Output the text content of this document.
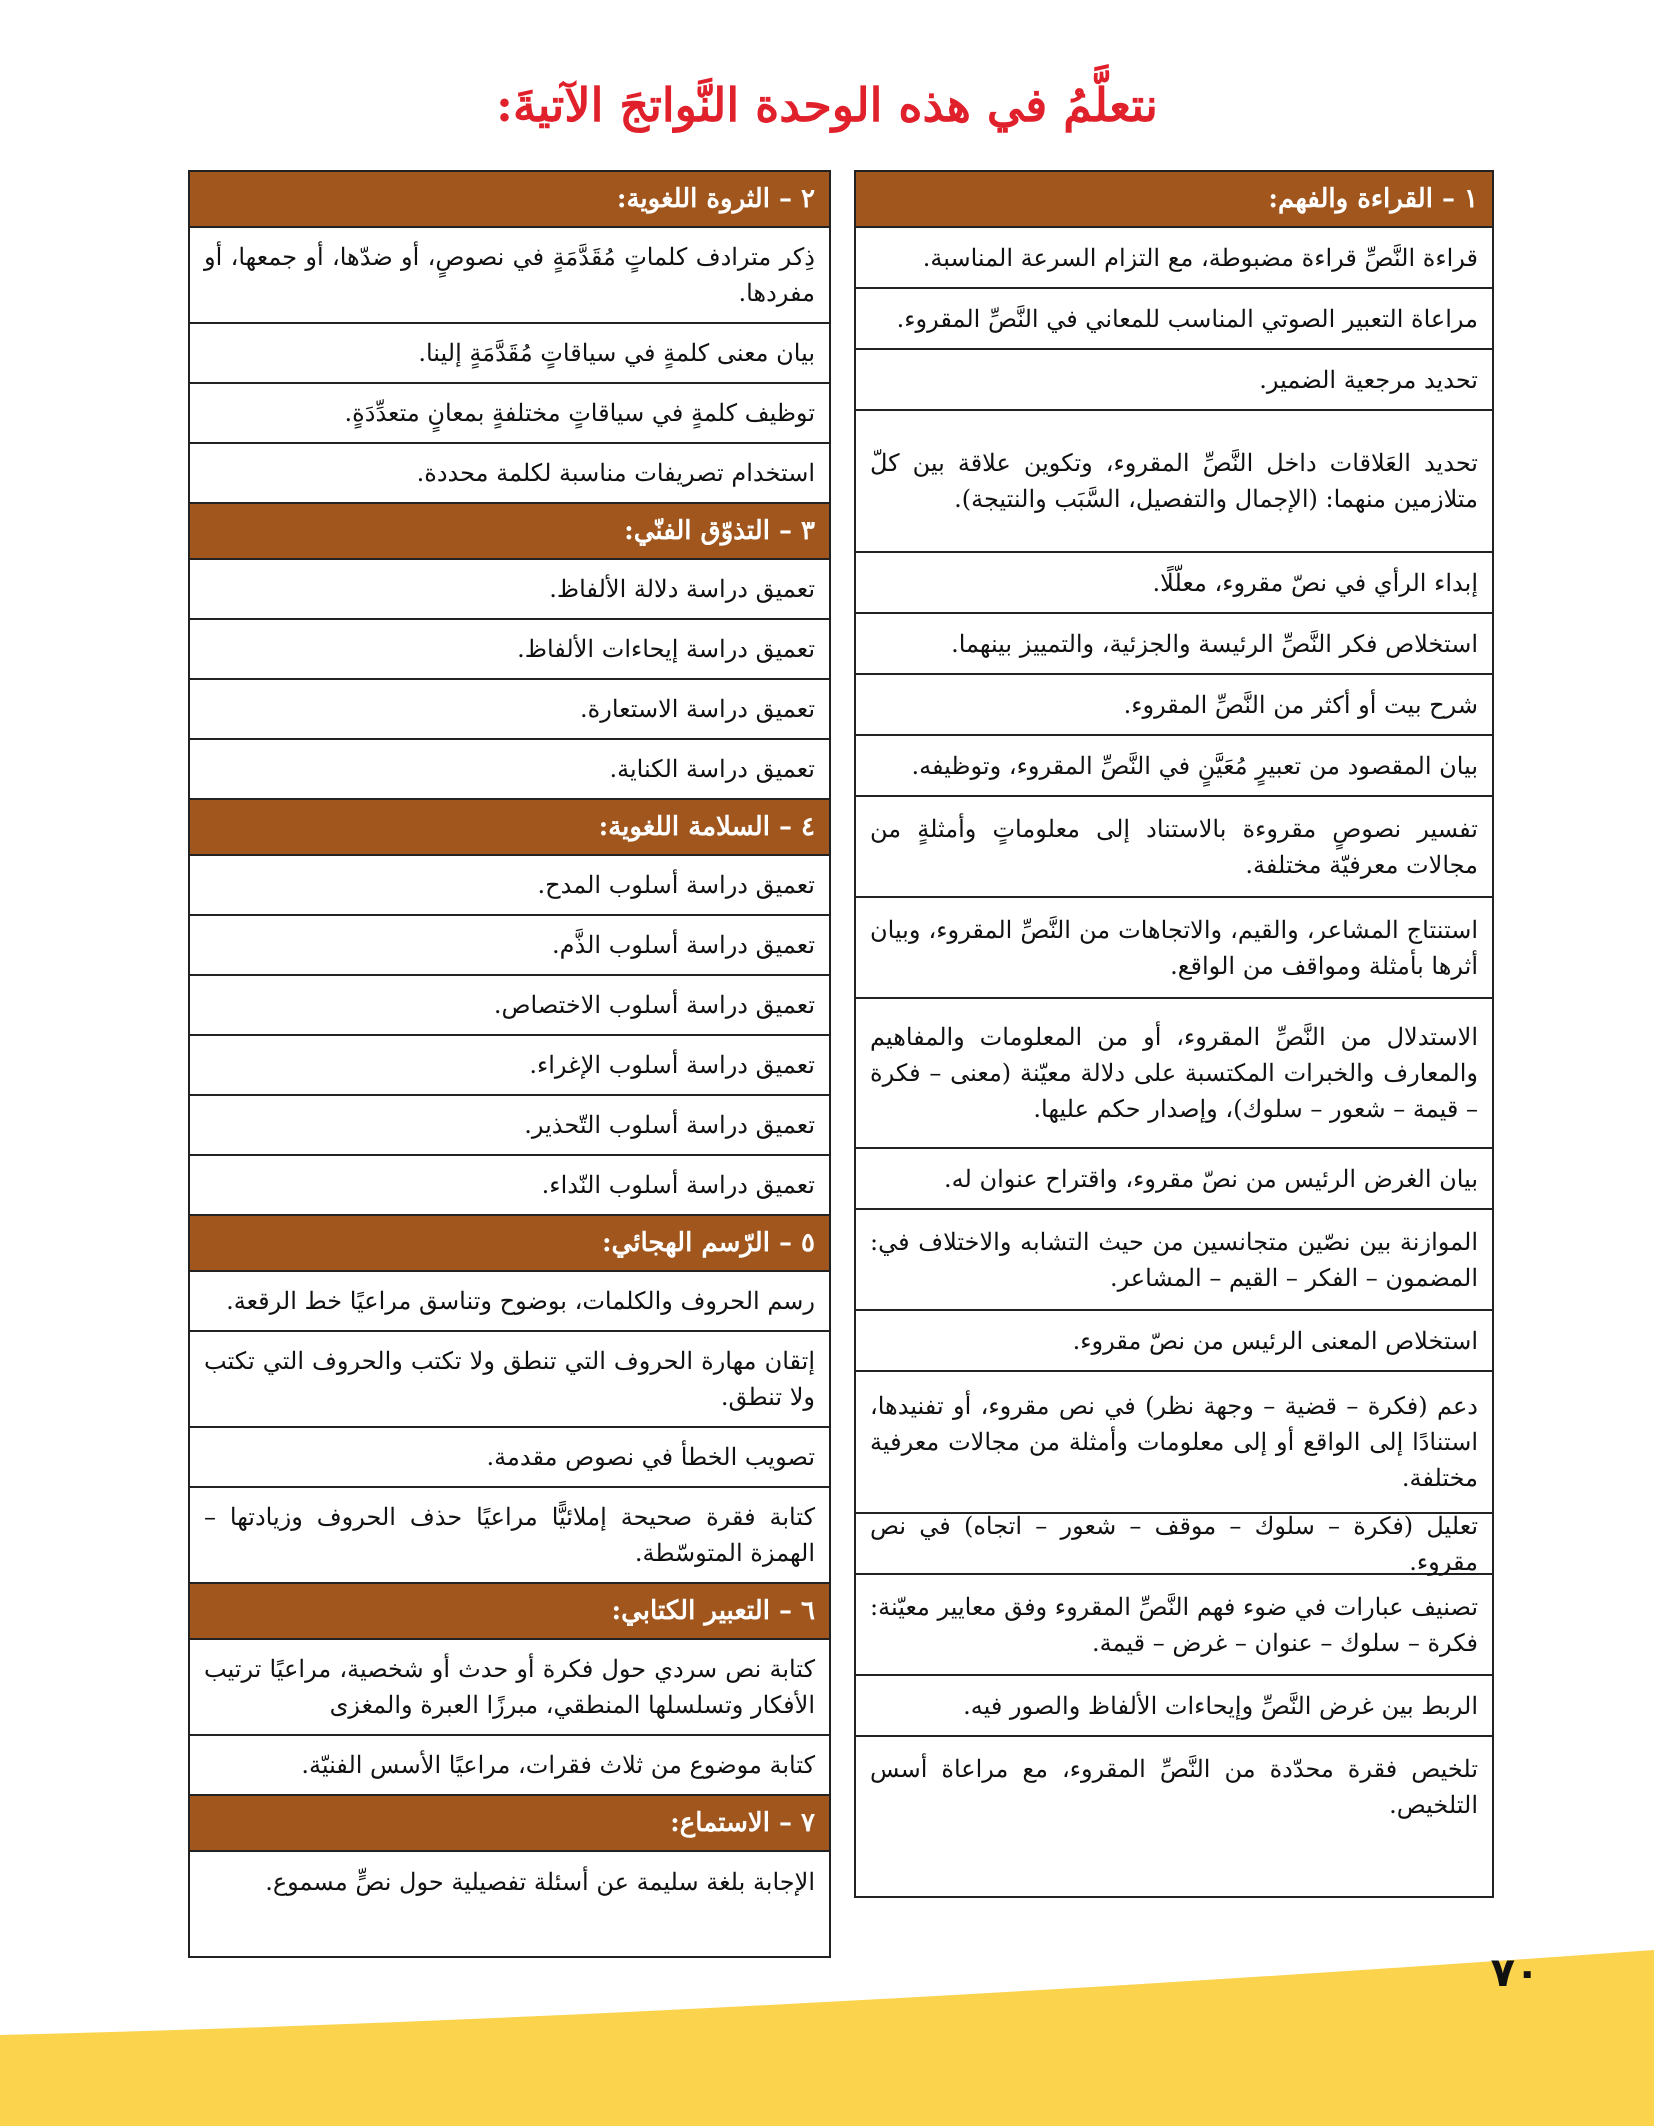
نتعلَّمُ في هذه الوحدة النَّواتجَ الآتيةَ:
١ – القراءة والفهم:
قراءة النَّصِّ قراءة مضبوطة، مع التزام السرعة المناسبة.
مراعاة التعبير الصوتي المناسب للمعاني في النَّصِّ المقروء.
تحديد مرجعية الضمير.
تحديد العَلاقات داخل النَّصِّ المقروء، وتكوين علاقة بين كلّ متلازمين منهما: (الإجمال والتفصيل، السَّبَب والنتيجة).
إبداء الرأي في نصّ مقروء، معلّلًا.
استخلاص فكر النَّصِّ الرئيسة والجزئية، والتمييز بينهما.
شرح بيت أو أكثر من النَّصِّ المقروء.
بيان المقصود من تعبيرٍ مُعَيَّنٍ في النَّصِّ المقروء، وتوظيفه.
تفسير نصوصٍ مقروءة بالاستناد إلى معلوماتٍ وأمثلةٍ من مجالات معرفيّة مختلفة.
استنتاج المشاعر، والقيم، والاتجاهات من النَّصِّ المقروء، وبيان أثرها بأمثلة ومواقف من الواقع.
الاستدلال من النَّصِّ المقروء، أو من المعلومات والمفاهيم والمعارف والخبرات المكتسبة على دلالة معيّنة (معنى – فكرة – قيمة – شعور – سلوك)، وإصدار حكم عليها.
بيان الغرض الرئيس من نصّ مقروء، واقتراح عنوان له.
الموازنة بين نصّين متجانسين من حيث التشابه والاختلاف في: المضمون – الفكر – القيم – المشاعر.
استخلاص المعنى الرئيس من نصّ مقروء.
دعم (فكرة – قضية – وجهة نظر) في نص مقروء، أو تفنيدها، استنادًا إلى الواقع أو إلى معلومات وأمثلة من مجالات معرفية مختلفة.
تعليل (فكرة – سلوك – موقف – شعور – اتجاه) في نص مقروء.
تصنيف عبارات في ضوء فهم النَّصِّ المقروء وفق معايير معيّنة: فكرة – سلوك – عنوان – غرض – قيمة.
الربط بين غرض النَّصِّ وإيحاءات الألفاظ والصور فيه.
تلخيص فقرة محدّدة من النَّصِّ المقروء، مع مراعاة أسس التلخيص.
٢ – الثروة اللغوية:
ذِكر مترادف كلماتٍ مُقَدَّمَةٍ في نصوصٍ، أو ضدّها، أو جمعها، أو مفردها.
بيان معنى كلمةٍ في سياقاتٍ مُقَدَّمَةٍ إلينا.
توظيف كلمةٍ في سياقاتٍ مختلفةٍ بمعانٍ متعدِّدَةٍ.
استخدام تصريفات مناسبة لكلمة محددة.
٣ – التذوّق الفنّي:
تعميق دراسة دلالة الألفاظ.
تعميق دراسة إيحاءات الألفاظ.
تعميق دراسة الاستعارة.
تعميق دراسة الكناية.
٤ – السلامة اللغوية:
تعميق دراسة أسلوب المدح.
تعميق دراسة أسلوب الذَّم.
تعميق دراسة أسلوب الاختصاص.
تعميق دراسة أسلوب الإغراء.
تعميق دراسة أسلوب التّحذير.
تعميق دراسة أسلوب النّداء.
٥ – الرّسم الهجائي:
رسم الحروف والكلمات، بوضوح وتناسق مراعيًا خط الرقعة.
إتقان مهارة الحروف التي تنطق ولا تكتب والحروف التي تكتب ولا تنطق.
تصويب الخطأ في نصوص مقدمة.
كتابة فقرة صحيحة إملائيًّا مراعيًا حذف الحروف وزيادتها – الهمزة المتوسّطة.
٦ – التعبير الكتابي:
كتابة نص سردي حول فكرة أو حدث أو شخصية، مراعيًا ترتيب الأفكار وتسلسلها المنطقي، مبرزًا العبرة والمغزى
كتابة موضوع من ثلاث فقرات، مراعيًا الأسس الفنيّة.
٧ – الاستماع:
الإجابة بلغة سليمة عن أسئلة تفصيلية حول نصٍّ مسموع.
٧٠
